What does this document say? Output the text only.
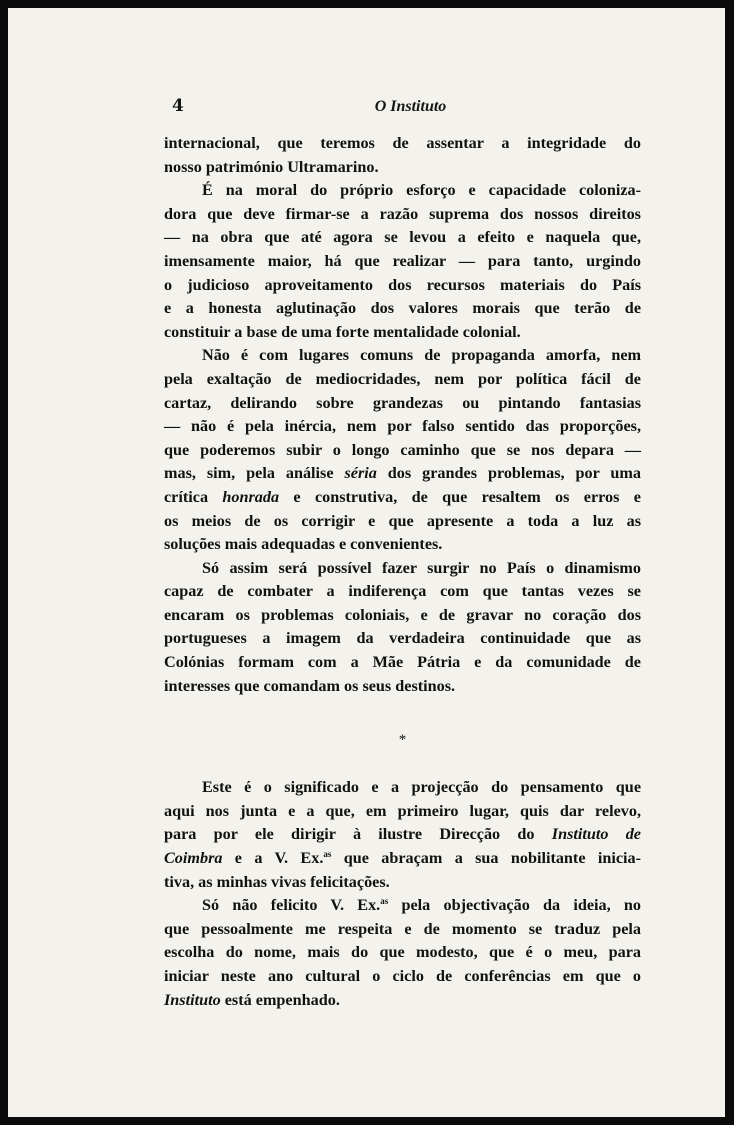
4	O Instituto
internacional, que teremos de assentar a integridade do
nosso património Ultramarino.
É na moral do próprio esforço e capacidade coloniza-
dora que deve firmar-se a razão suprema dos nossos direitos
— na obra que até agora se levou a efeito e naquela que,
imensamente maior, há que realizar — para tanto, urgindo
o judicioso aproveitamento dos recursos materiais do País
e a honesta aglutinação dos valores morais que terão de
constituir a base de uma forte mentalidade colonial.
Não é com lugares comuns de propaganda amorfa, nem
pela exaltação de mediocridades, nem por política fácil de
cartaz, delirando sobre grandezas ou pintando fantasias
— não é pela inércia, nem por falso sentido das proporções,
que poderemos subir o longo caminho que se nos depara —
mas, sim, pela análise séria dos grandes problemas, por uma
crítica honrada e construtiva, de que resaltem os erros e
os meios de os corrigir e que apresente a toda a luz as
soluções mais adequadas e convenientes.
Só assim será possível fazer surgir no País o dinamismo
capaz de combater a indiferença com que tantas vezes se
encaram os problemas coloniais, e de gravar no coração dos
portugueses a imagem da verdadeira continuidade que as
Colónias formam com a Mãe Pátria e da comunidade de
interesses que comandam os seus destinos.
*
Este é o significado e a projecção do pensamento que
aqui nos junta e a que, em primeiro lugar, quis dar relevo,
para por ele dirigir à ilustre Direcção do Instituto de
Coimbra e a V. Ex.$^{as}$ que abraçam a sua nobilitante inicia-
tiva, as minhas vivas felicitações.
Só não felicito V. Ex.$^{as}$ pela objectivação da ideia, no
que pessoalmente me respeita e de momento se traduz pela
escolha do nome, mais do que modesto, que é o meu, para
iniciar neste ano cultural o ciclo de conferências em que o
Instituto está empenhado.
